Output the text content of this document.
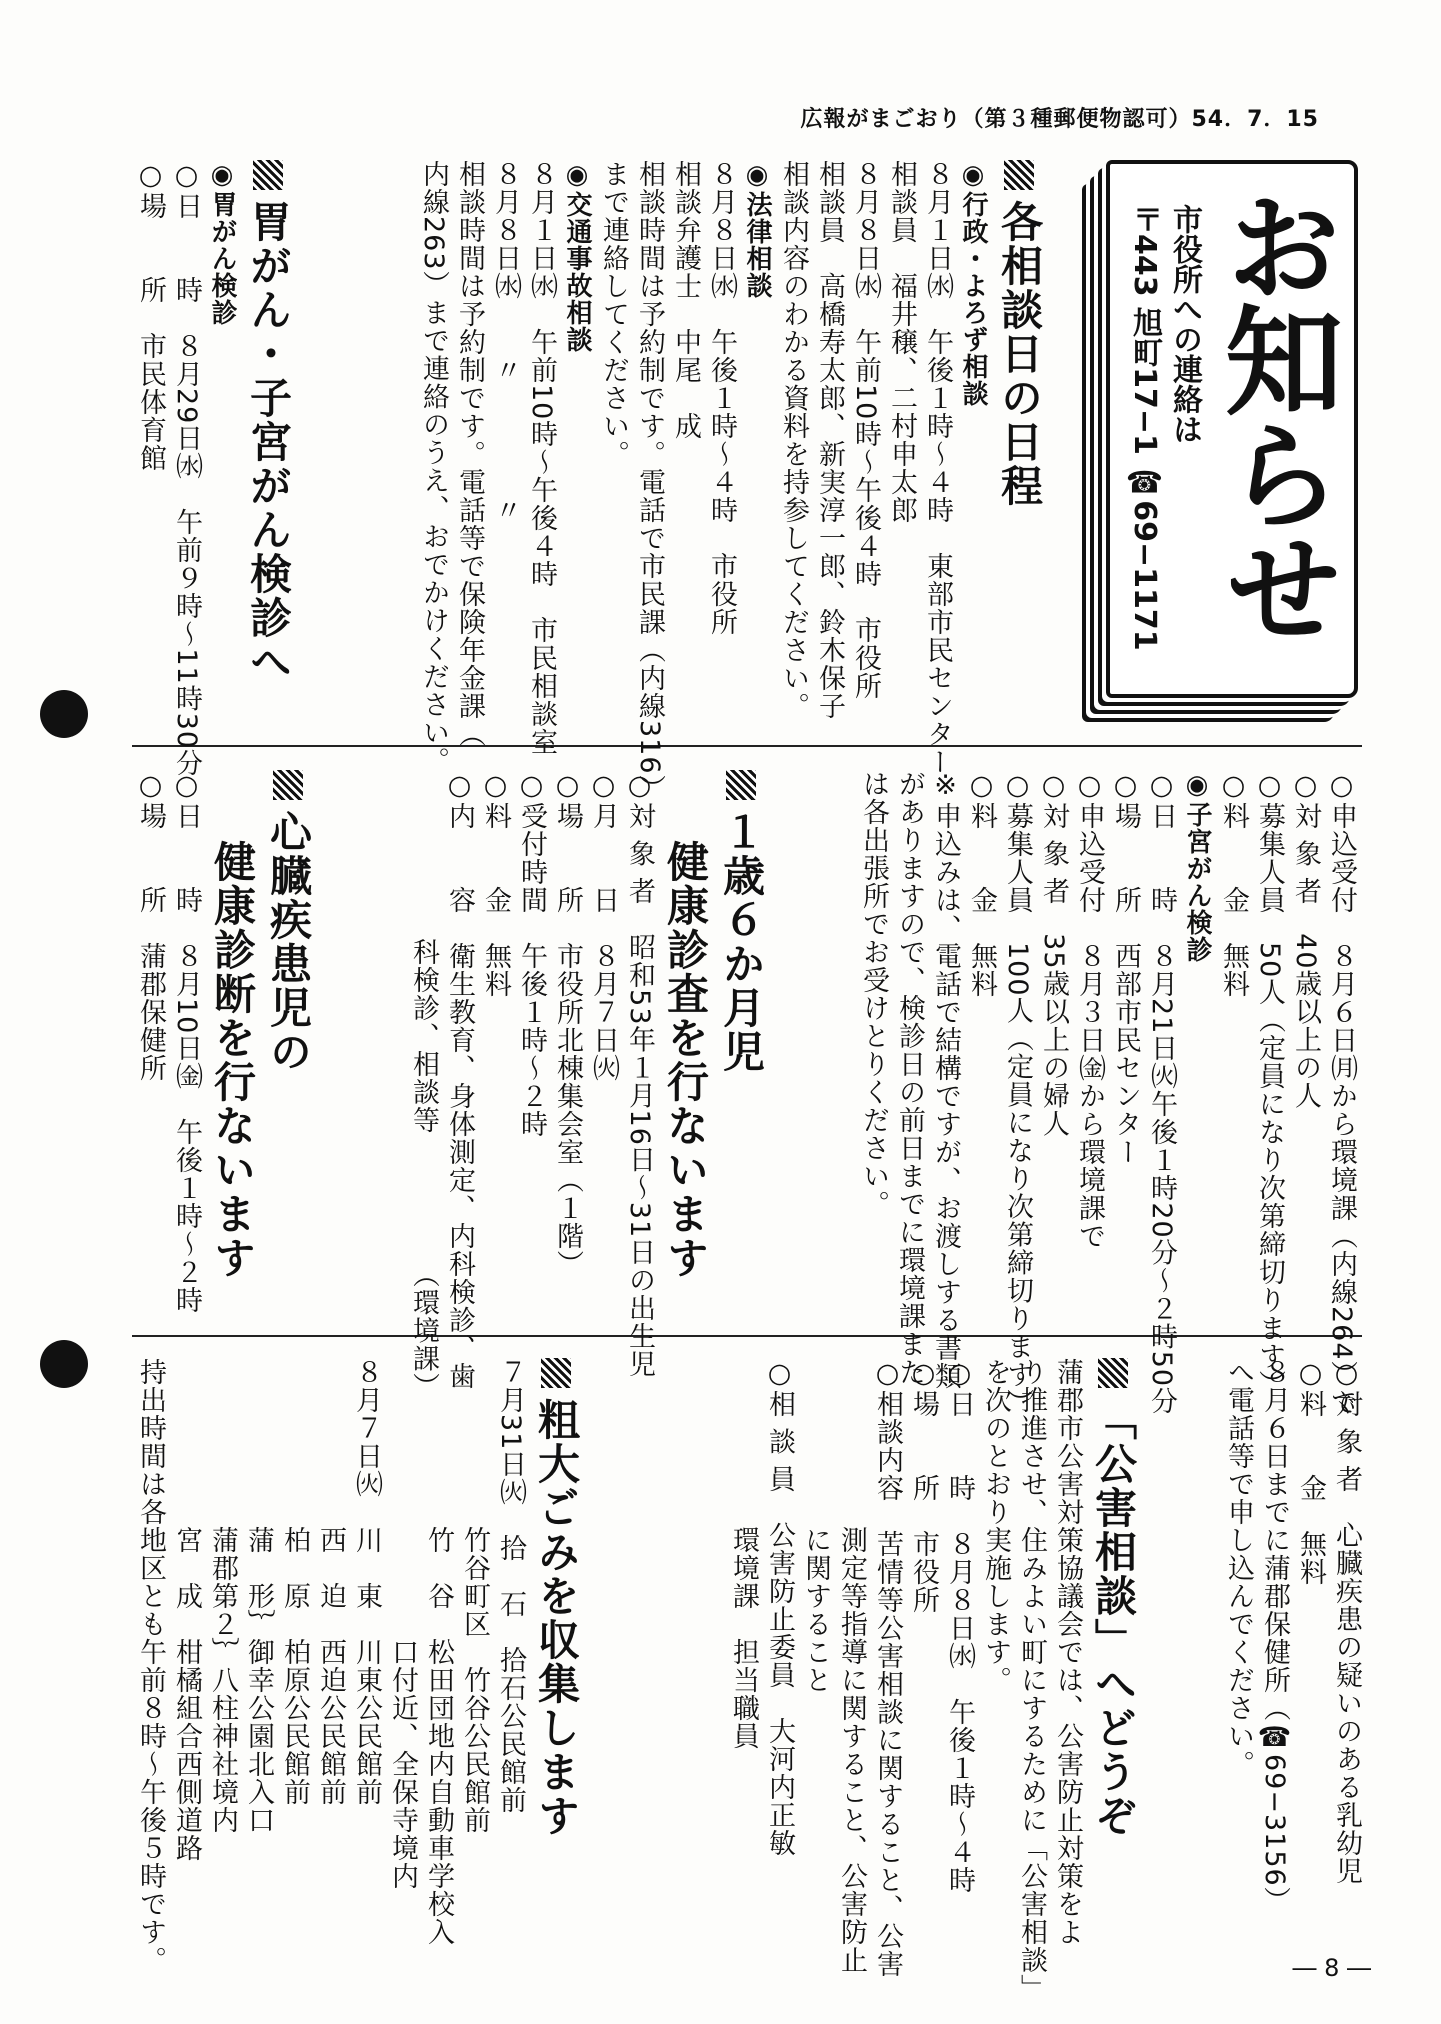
広報がまごおり（第３種郵便物認可）54．7．15
お知らせ
市役所への連絡は
〒443 旭町17−1 ☎69−1171
各相談日の日程
◉行政・よろず相談
８月１日㈬　午後１時〜４時　東部市民センター
相談員　福井穣、二村申太郎
８月８日㈬　午前10時〜午後４時　市役所
相談員　高橋寿太郎、新実淳一郎、鈴木保子
相談内容のわかる資料を持参してください。
◉法律相談
８月８日㈬　午後１時〜４時　市役所
相談弁護士　中尾　成
相談時間は予約制です。電話で市民課（内線316）
まで連絡してください。
◉交通事故相談
８月１日㈬　午前10時〜午後４時　市民相談室
８月８日㈬　　〃　　　　〃
相談時間は予約制です。電話等で保険年金課（
内線263）まで連絡のうえ、おでかけください。
胃がん・子宮がん検診へ
◉胃がん検診
○日　　時　８月29日㈬　午前９時〜11時30分
○場　　所　市民体育館
○申込受付　８月６日㈪から環境課（内線264）で
○対 象 者　40歳以上の人
○募集人員　50人（定員になり次第締切ります）
○料　　金　無料
◉子宮がん検診
○日　　時　８月21日㈫午後１時20分〜２時50分
○場　　所　西部市民センター
○申込受付　８月３日㈮から環境課で
○対 象 者　35歳以上の婦人
○募集人員　100人（定員になり次第締切ります）
○料　　金　無料
※申込みは、電話で結構ですが、お渡しする書類
がありますので、検診日の前日までに環境課また
は各出張所でお受けとりください。
１歳６か月児
健康診査を行ないます
○対 象 者　昭和53年１月16日〜31日の出生児
○月　　日　８月７日㈫
○場　　所　市役所北棟集会室（１階）
○受付時間　午後１時〜２時
○料　　金　無料
○内　　容　衛生教育、身体測定、内科検診、歯
　　　　　　科検診、相談等　　　　　（環境課）
心臓疾患児の
健康診断を行ないます
○日　　時　８月10日㈮　午後１時〜２時
○場　　所　蒲郡保健所
○対 象 者　心臓疾患の疑いのある乳幼児
○料　　金　無料
８月６日までに蒲郡保健所（☎69−3156）
へ電話等で申し込んでください。
「公害相談」へどうぞ
蒲郡市公害対策協議会では、公害防止対策をよ
り推進させ、住みよい町にするために「公害相談」
を次のとおり実施します。
○日　　時　８月８日㈬　午後１時〜４時
○場　　所　市役所
○相談内容　苦情等公害相談に関すること、公害
　　　　　　測定等指導に関すること、公害防止
　　　　　　に関すること
○相 談 員　公害防止委員　大河内正敏
　　　　　　環境課　担当職員
粗大ごみを収集します
７月31日㈫　拾　石　拾石公民館前
　　　　　　竹谷町区　竹谷公民館前
　　　　　　竹　谷　松田団地内自動車学校入
　　　　　　　　　　口付近、全保寺境内
８月７日㈫　川　東　川東公民館前
　　　　　　西　迫　西迫公民館前
　　　　　　柏　原　柏原公民館前
　　　　　　蒲　形｝御幸公園北入口
　　　　　　蒲郡第２｝八柱神社境内
　　　　　　宮　成　柑橘組合西側道路
持出時間は各地区とも午前８時〜午後５時です。	― 8 ―
